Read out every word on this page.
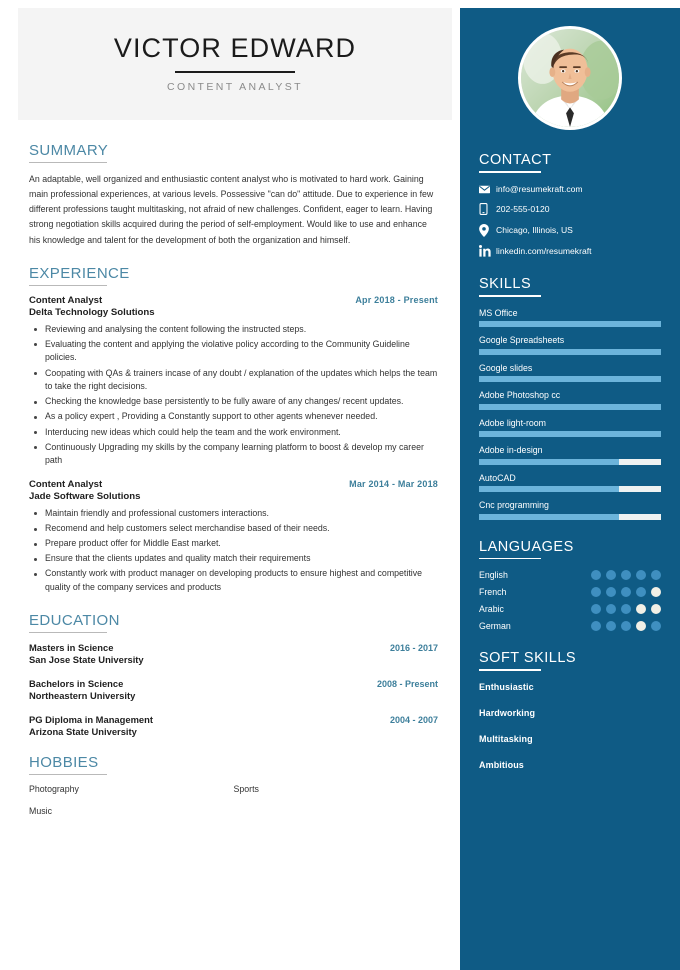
VICTOR EDWARD
CONTENT ANALYST
SUMMARY
An adaptable, well organized and enthusiastic content analyst who is motivated to hard work. Gaining main professional experiences, at various levels. Possessive "can do" attitude. Due to experience in few different professions taught multitasking, not afraid of new challenges. Confident, eager to learn. Having strong negotiation skills acquired during the period of self-employment. Would like to use and enhance his knowledge and talent for the development of both the organization and himself.
EXPERIENCE
Content Analyst	Apr 2018 - Present
Delta Technology Solutions
Reviewing and analysing the content following the instructed steps.
Evaluating the content and applying the violative policy according to the Community Guideline policies.
Coopating with QAs & trainers incase of any doubt / explanation of the updates which helps the team to take the right decisions.
Checking the knowledge base persistently to be fully aware of any changes/ recent updates.
As a policy expert , Providing a Constantly support to other agents whenever needed.
Interducing new ideas which could help the team and the work environment.
Continuously Upgrading my skills by the company learning platform to boost & develop my career path
Content Analyst	Mar 2014 - Mar 2018
Jade Software Solutions
Maintain friendly and professional customers interactions.
Recomend and help customers select merchandise based of their needs.
Prepare product offer for Middle East market.
Ensure that the clients updates and quality match their requirements
Constantly work with product manager on developing products to ensure highest and competitive quality of the company services and products
EDUCATION
Masters in Science	2016 - 2017
San Jose State University
Bachelors in Science	2008 - Present
Northeastern University
PG Diploma in Management	2004 - 2007
Arizona State University
HOBBIES
Photography	Sports
Music
CONTACT
info@resumekraft.com
202-555-0120
Chicago, Illinois, US
linkedin.com/resumekraft
SKILLS
MS Office
Google Spreadsheets
Google slides
Adobe Photoshop cc
Adobe light-room
Adobe in-design
AutoCAD
Cnc programming
LANGUAGES
English
French
Arabic
German
SOFT SKILLS
Enthusiastic
Hardworking
Multitasking
Ambitious
